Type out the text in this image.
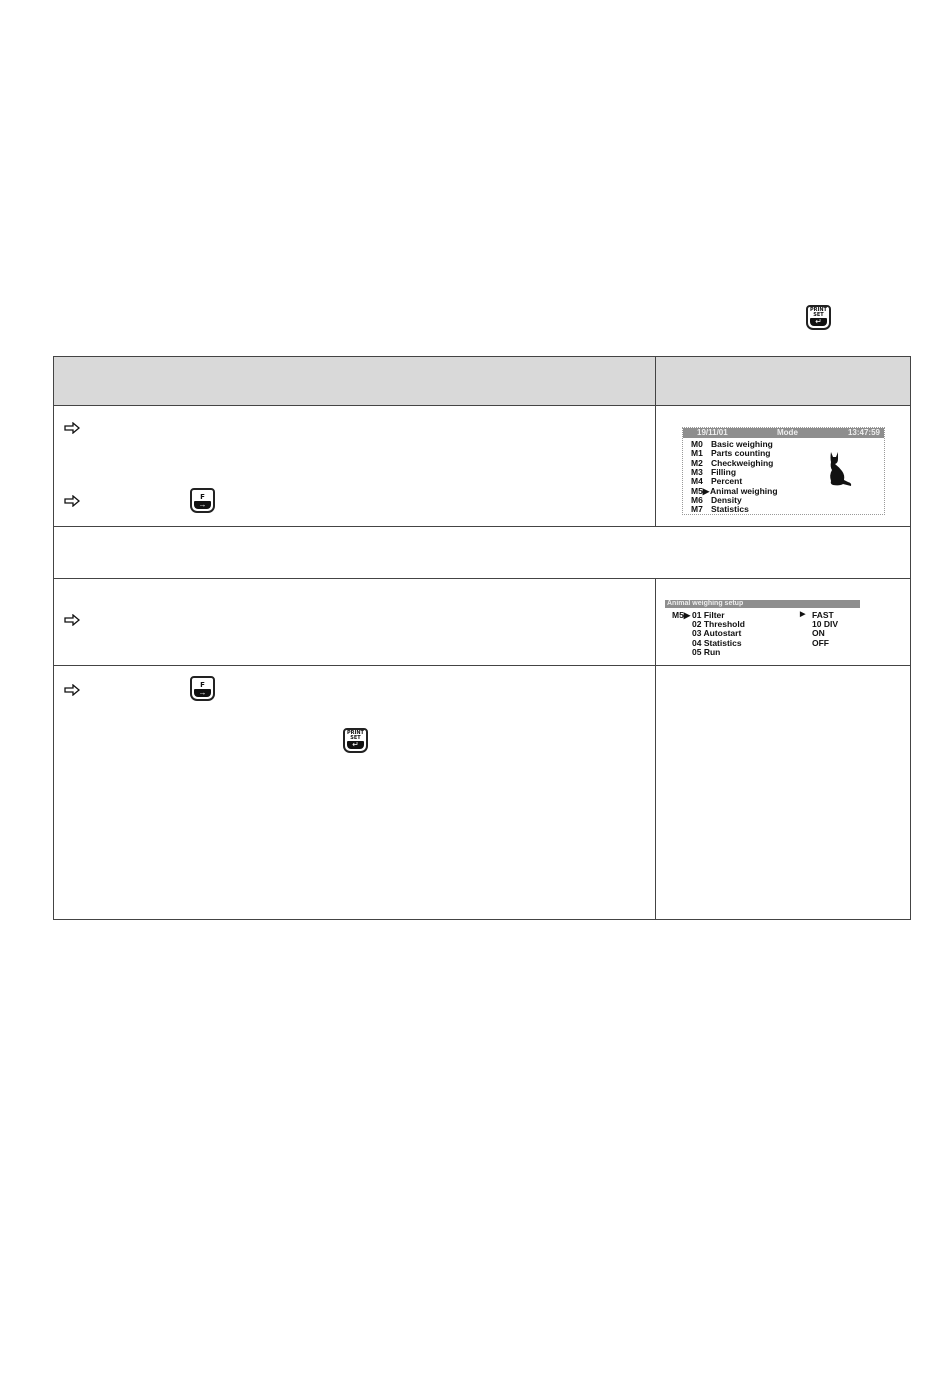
PRINT
SET
↵
F
→
F
→
PRINT
SET
↵
19/11/01	Mode	13:47:59
M0 Basic weighing
M1 Parts counting
M2 Checkweighing
M3 Filling
M4 Percent
M5▶ Animal weighing
M6 Density
M7 Statistics
Animal weighing setup
M5▶ 01 Filter	▶ FAST
02 Threshold	10 DIV
03 Autostart	ON
04 Statistics	OFF
05 Run
